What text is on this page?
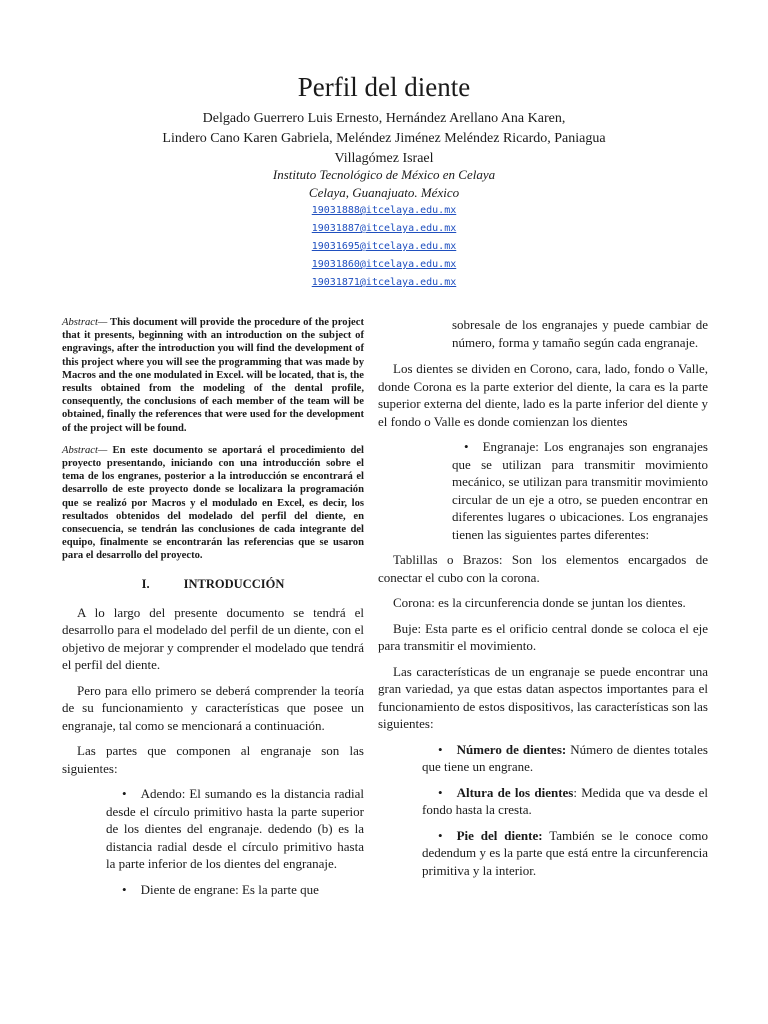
Perfil del diente
Delgado Guerrero Luis Ernesto, Hernández Arellano Ana Karen,
Lindero Cano Karen Gabriela, Meléndez Jiménez Meléndez Ricardo, Paniagua
Villagómez Israel
Instituto Tecnológico de México en Celaya
Celaya, Guanajuato. México
19031888@itcelaya.edu.mx
19031887@itcelaya.edu.mx
19031695@itcelaya.edu.mx
19031860@itcelaya.edu.mx
19031871@itcelaya.edu.mx

Abstract— This document will provide the procedure of the project that it presents, beginning with an introduction on the subject of engravings, after the introduction you will find the development of this project where you will see the programming that was made by Macros and the one modulated in Excel. will be located, that is, the results obtained from the modeling of the dental profile, consequently, the conclusions of each member of the team will be obtained, finally the references that were used for the development of the project will be found.

Abstract— En este documento se aportará el procedimiento del proyecto presentando, iniciando con una introducción sobre el tema de los engranes, posterior a la introducción se encontrará el desarrollo de este proyecto donde se localizara la programación que se realizó por Macros y el modulado en Excel, es decir, los resultados obtenidos del modelado del perfil del diente, en consecuencia, se tendrán las conclusiones de cada integrante del equipo, finalmente se encontrarán las referencias que se usaron para el desarrollo del proyecto.

I.	INTRODUCCIÓN

A lo largo del presente documento se tendrá el desarrollo para el modelado del perfil de un diente, con el objetivo de mejorar y comprender el modelado que tendrá el perfil del diente.

Pero para ello primero se deberá comprender la teoría de su funcionamiento y características que posee un engranaje, tal como se mencionará a continuación.

Las partes que componen al engranaje son las siguientes:

• Adendo: El sumando es la distancia radial desde el círculo primitivo hasta la parte superior de los dientes del engranaje. dedendo (b) es la distancia radial desde el círculo primitivo hasta la parte inferior de los dientes del engranaje.

• Diente de engrane: Es la parte que

sobresale de los engranajes y puede cambiar de número, forma y tamaño según cada engranaje.

Los dientes se dividen en Corono, cara, lado, fondo o Valle, donde Corona es la parte exterior del diente, la cara es la parte superior externa del diente, lado es la parte inferior del diente y el fondo o Valle es donde comienzan los dientes

• Engranaje: Los engranajes son engranajes que se utilizan para transmitir movimiento mecánico, se utilizan para transmitir movimiento circular de un eje a otro, se pueden encontrar en diferentes lugares o ubicaciones. Los engranajes tienen las siguientes partes diferentes:

Tablillas o Brazos: Son los elementos encargados de conectar el cubo con la corona.

Corona: es la circunferencia donde se juntan los dientes.

Buje: Esta parte es el orificio central donde se coloca el eje para transmitir el movimiento.

Las características de un engranaje se puede encontrar una gran variedad, ya que estas datan aspectos importantes para el funcionamiento de estos dispositivos, las características son las siguientes:

• Número de dientes: Número de dientes totales que tiene un engrane.

• Altura de los dientes: Medida que va desde el fondo hasta la cresta.

• Pie del diente: También se le conoce como dedendum y es la parte que está entre la circunferencia primitiva y la interior.
